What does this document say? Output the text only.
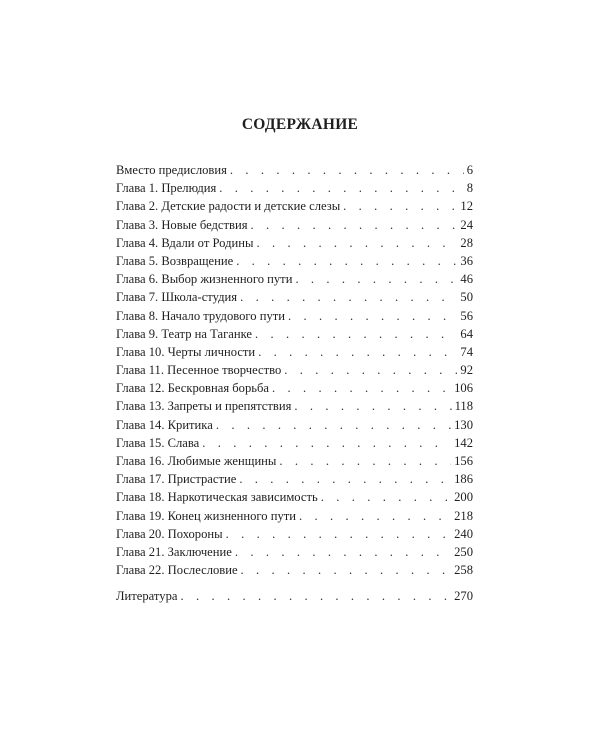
СОДЕРЖАНИЕ
Вместо предисловия . . .	6
Глава 1. Прелюдия . . .	8
Глава 2. Детские радости и детские слезы . . .	12
Глава 3. Новые бедствия . . .	24
Глава 4. Вдали от Родины . . .	28
Глава 5. Возвращение . . .	36
Глава 6. Выбор жизненного пути . . .	46
Глава 7. Школа-студия . . .	50
Глава 8. Начало трудового пути . . .	56
Глава 9. Театр на Таганке . . .	64
Глава 10. Черты личности . . .	74
Глава 11. Песенное творчество . . .	92
Глава 12. Бескровная борьба . . .	106
Глава 13. Запреты и препятствия . . .	118
Глава 14. Критика . . .	130
Глава 15. Слава . . .	142
Глава 16. Любимые женщины . . .	156
Глава 17. Пристрастие . . .	186
Глава 18. Наркотическая зависимость . . .	200
Глава 19. Конец жизненного пути . . .	218
Глава 20. Похороны . . .	240
Глава 21. Заключение . . .	250
Глава 22. Послесловие . . .	258
Литература . . .	270
